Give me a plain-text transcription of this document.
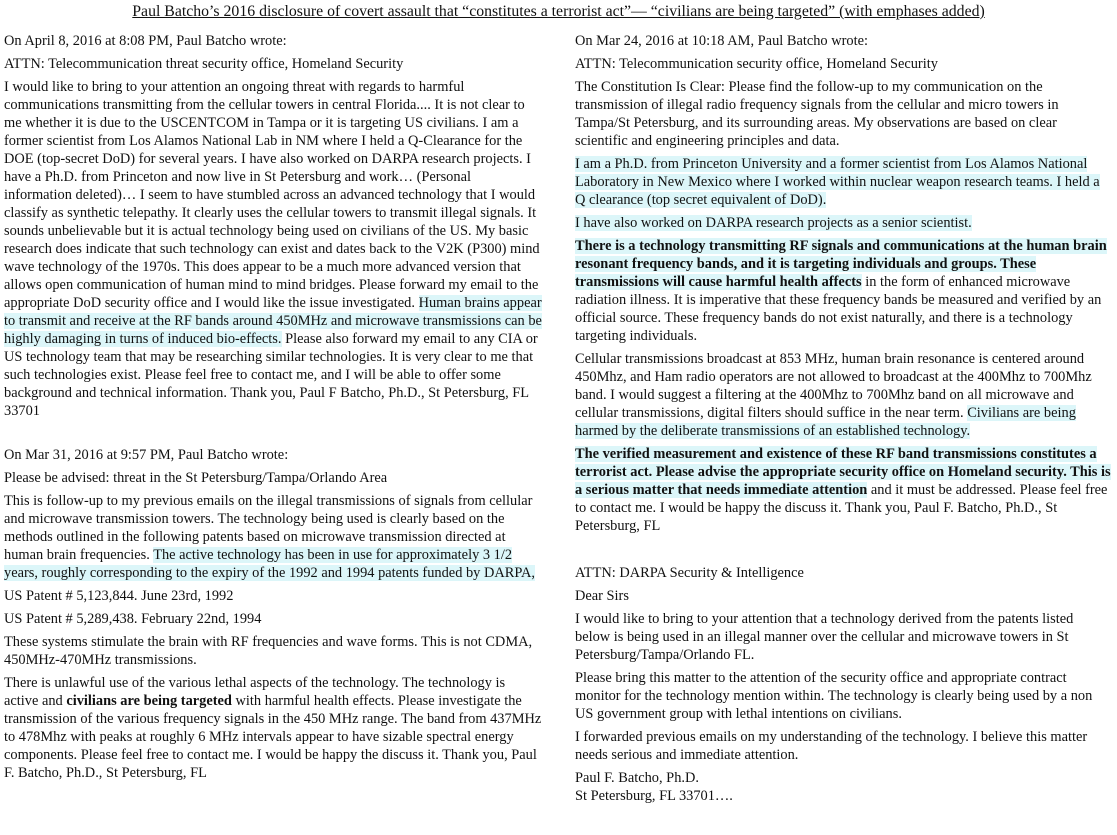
Paul Batcho’s 2016 disclosure of covert assault that “constitutes a terrorist act”— “civilians are being targeted” (with emphases added)

On April 8, 2016 at 8:08 PM, Paul Batcho wrote:

ATTN: Telecommunication threat security office, Homeland Security

I would like to bring to your attention an ongoing threat with regards to harmful communications transmitting from the cellular towers in central Florida.... It is not clear to me whether it is due to the USCENTCOM in Tampa or it is targeting US civilians. I am a former scientist from Los Alamos National Lab in NM where I held a Q-Clearance for the DOE (top-secret DoD) for several years. I have also worked on DARPA research projects. I have a Ph.D. from Princeton and now live in St Petersburg and work… (Personal information deleted)… I seem to have stumbled across an advanced technology that I would classify as synthetic telepathy. It clearly uses the cellular towers to transmit illegal signals. It sounds unbelievable but it is actual technology being used on civilians of the US. My basic research does indicate that such technology can exist and dates back to the V2K (P300) mind wave technology of the 1970s. This does appear to be a much more advanced version that allows open communication of human mind to mind bridges. Please forward my email to the appropriate DoD security office and I would like the issue investigated. Human brains appear to transmit and receive at the RF bands around 450MHz and microwave transmissions can be highly damaging in turns of induced bio-effects. Please also forward my email to any CIA or US technology team that may be researching similar technologies. It is very clear to me that such technologies exist. Please feel free to contact me, and I will be able to offer some background and technical information. Thank you, Paul F Batcho, Ph.D., St Petersburg, FL 33701

On Mar 31, 2016 at 9:57 PM, Paul Batcho wrote:

Please be advised: threat in the St Petersburg/Tampa/Orlando Area

This is follow-up to my previous emails on the illegal transmissions of signals from cellular and microwave transmission towers. The technology being used is clearly based on the methods outlined in the following patents based on microwave transmission directed at human brain frequencies. The active technology has been in use for approximately 3 1/2 years, roughly corresponding to the expiry of the 1992 and 1994 patents funded by DARPA,

US Patent # 5,123,844. June 23rd, 1992

US Patent # 5,289,438. February 22nd, 1994

These systems stimulate the brain with RF frequencies and wave forms. This is not CDMA, 450MHz-470MHz transmissions.

There is unlawful use of the various lethal aspects of the technology. The technology is active and civilians are being targeted with harmful health effects. Please investigate the transmission of the various frequency signals in the 450 MHz range. The band from 437MHz to 478Mhz with peaks at roughly 6 MHz intervals appear to have sizable spectral energy components. Please feel free to contact me. I would be happy the discuss it. Thank you, Paul F. Batcho, Ph.D., St Petersburg, FL

On Mar 24, 2016 at 10:18 AM, Paul Batcho wrote:

ATTN: Telecommunication security office, Homeland Security

The Constitution Is Clear: Please find the follow-up to my communication on the transmission of illegal radio frequency signals from the cellular and micro towers in Tampa/St Petersburg, and its surrounding areas. My observations are based on clear scientific and engineering principles and data.

I am a Ph.D. from Princeton University and a former scientist from Los Alamos National Laboratory in New Mexico where I worked within nuclear weapon research teams. I held a Q clearance (top secret equivalent of DoD).

I have also worked on DARPA research projects as a senior scientist.

There is a technology transmitting RF signals and communications at the human brain resonant frequency bands, and it is targeting individuals and groups. These transmissions will cause harmful health affects in the form of enhanced microwave radiation illness. It is imperative that these frequency bands be measured and verified by an official source. These frequency bands do not exist naturally, and there is a technology targeting individuals.

Cellular transmissions broadcast at 853 MHz, human brain resonance is centered around 450Mhz, and Ham radio operators are not allowed to broadcast at the 400Mhz to 700Mhz band. I would suggest a filtering at the 400Mhz to 700Mhz band on all microwave and cellular transmissions, digital filters should suffice in the near term. Civilians are being harmed by the deliberate transmissions of an established technology.

The verified measurement and existence of these RF band transmissions constitutes a terrorist act. Please advise the appropriate security office on Homeland security. This is a serious matter that needs immediate attention and it must be addressed. Please feel free to contact me. I would be happy the discuss it. Thank you, Paul F. Batcho, Ph.D., St Petersburg, FL

ATTN: DARPA Security & Intelligence

Dear Sirs

I would like to bring to your attention that a technology derived from the patents listed below is being used in an illegal manner over the cellular and microwave towers in St Petersburg/Tampa/Orlando FL.

Please bring this matter to the attention of the security office and appropriate contract monitor for the technology mention within. The technology is clearly being used by a non US government group with lethal intentions on civilians.

I forwarded previous emails on my understanding of the technology. I believe this matter needs serious and immediate attention.

Paul F. Batcho, Ph.D.

St Petersburg, FL 33701….
